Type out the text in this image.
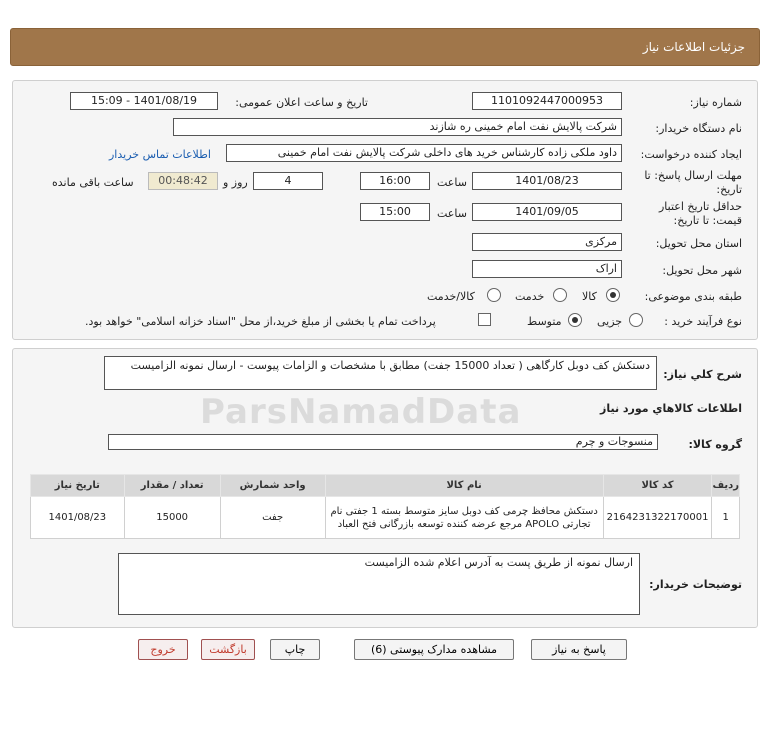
جزئیات اطلاعات نیاز
شماره نیاز:
1101092447000953
تاریخ و ساعت اعلان عمومی:
1401/08/19 - 15:09
نام دستگاه خریدار:
شرکت پالایش نفت امام خمینی ره شازند
ایجاد کننده درخواست:
داود ملکی زاده کارشناس خرید های داخلی شرکت پالایش نفت امام خمینی
اطلاعات تماس خریدار
مهلت ارسال پاسخ: تا
تاریخ:
1401/08/23
ساعت
16:00
4
روز و
00:48:42
ساعت باقی مانده
حداقل تاریخ اعتبار
قیمت: تا تاریخ:
1401/09/05
ساعت
15:00
استان محل تحویل:
مرکزی
شهر محل تحویل:
اراک
طبقه بندی موضوعی:
کالا
خدمت
کالا/خدمت
نوع فرآیند خرید :
جزیی
متوسط
پرداخت تمام یا بخشی از مبلغ خرید،از محل "اسناد خزانه اسلامی" خواهد بود.
شرح کلي نياز:
دستکش کف دوبل کارگاهی ( تعداد 15000 جفت) مطابق با مشخصات و الزامات پیوست - ارسال نمونه الزامیست
اطلاعات کالاهاي مورد نياز
ParsNamadData
گروه کالا:
منسوجات و چرم
ردیف	کد کالا	نام کالا	واحد شمارش	تعداد / مقدار	تاریخ نیاز
1	2164231322170001	دستکش محافظ چرمی کف دوبل سایز متوسط بسته 1 جفتی نام تجارتی APOLO مرجع عرضه کننده توسعه بازرگانی فتح العباد	جفت	15000	1401/08/23
توضیحات خریدار:
ارسال نمونه از طریق پست به آدرس اعلام شده الزامیست
پاسخ به نیاز
مشاهده مدارک پیوستی (6)
چاپ
بازگشت
خروج
